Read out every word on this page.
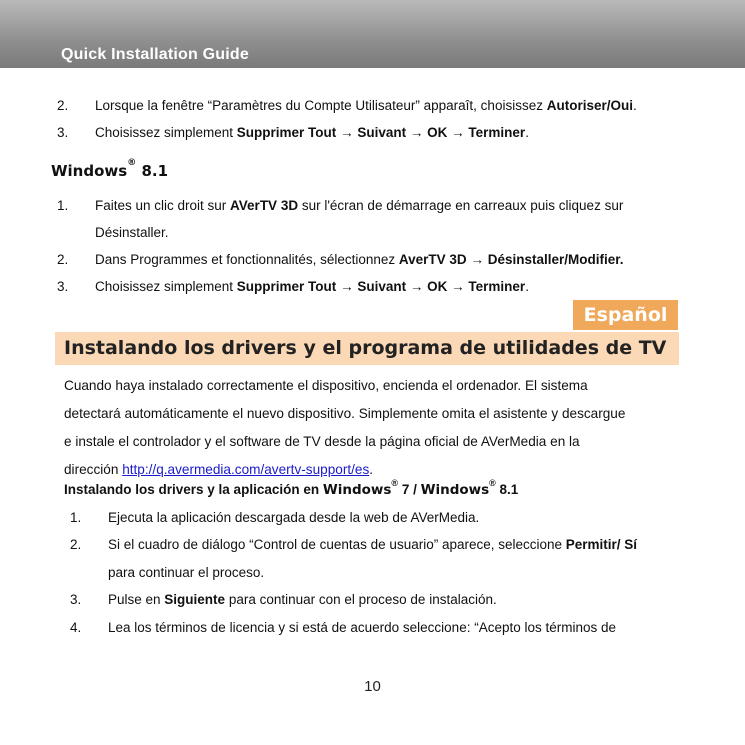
Quick Installation Guide
2.	Lorsque la fenêtre “Paramètres du Compte Utilisateur” apparaît, choisissez Autoriser/Oui.
3.	Choisissez simplement Supprimer Tout → Suivant → OK → Terminer.
Windows® 8.1
1.	Faites un clic droit sur AVerTV 3D sur l'écran de démarrage en carreaux puis cliquez sur
Désinstaller.
2.	Dans Programmes et fonctionnalités, sélectionnez AverTV 3D → Désinstaller/Modifier.
3.	Choisissez simplement Supprimer Tout → Suivant → OK → Terminer.
Español
Instalando los drivers y el programa de utilidades de TV
Cuando haya instalado correctamente el dispositivo, encienda el ordenador. El sistema
detectará automáticamente el nuevo dispositivo. Simplemente omita el asistente y descargue
e instale el controlador y el software de TV desde la página oficial de AVerMedia en la
dirección http://q.avermedia.com/avertv-support/es.
Instalando los drivers y la aplicación en Windows® 7 / Windows® 8.1
1.	Ejecuta la aplicación descargada desde la web de AVerMedia.
2.	Si el cuadro de diálogo “Control de cuentas de usuario” aparece, seleccione Permitir/ Sí
para continuar el proceso.
3.	Pulse en Siguiente para continuar con el proceso de instalación.
4.	Lea los términos de licencia y si está de acuerdo seleccione: “Acepto los términos de
10
